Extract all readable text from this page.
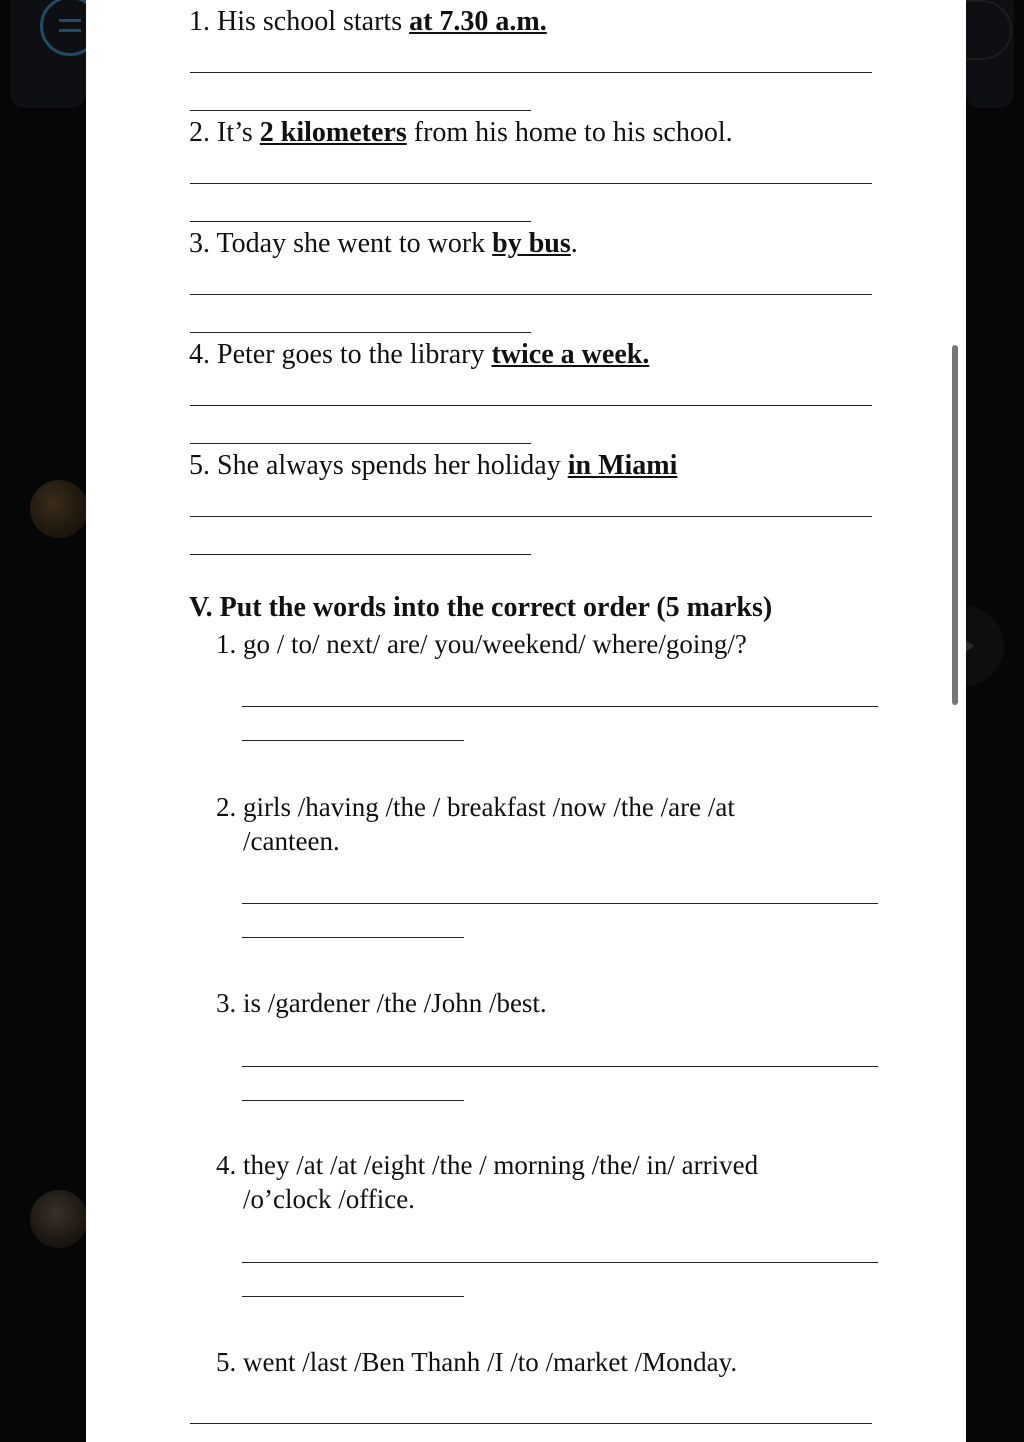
1. His school starts at 7.30 a.m.
2. It’s 2 kilometers from his home to his school.
3. Today she went to work by bus.
4. Peter goes to the library twice a week.
5. She always spends her holiday in Miami
V. Put the words into the correct order (5 marks)
1. go / to/ next/ are/ you/weekend/ where/going/?
2. girls /having /the / breakfast /now /the /are /at
/canteen.
3. is /gardener /the /John /best.
4. they /at /at /eight /the / morning /the/ in/ arrived
/o’clock /office.
5. went /last /Ben Thanh /I /to /market /Monday.
